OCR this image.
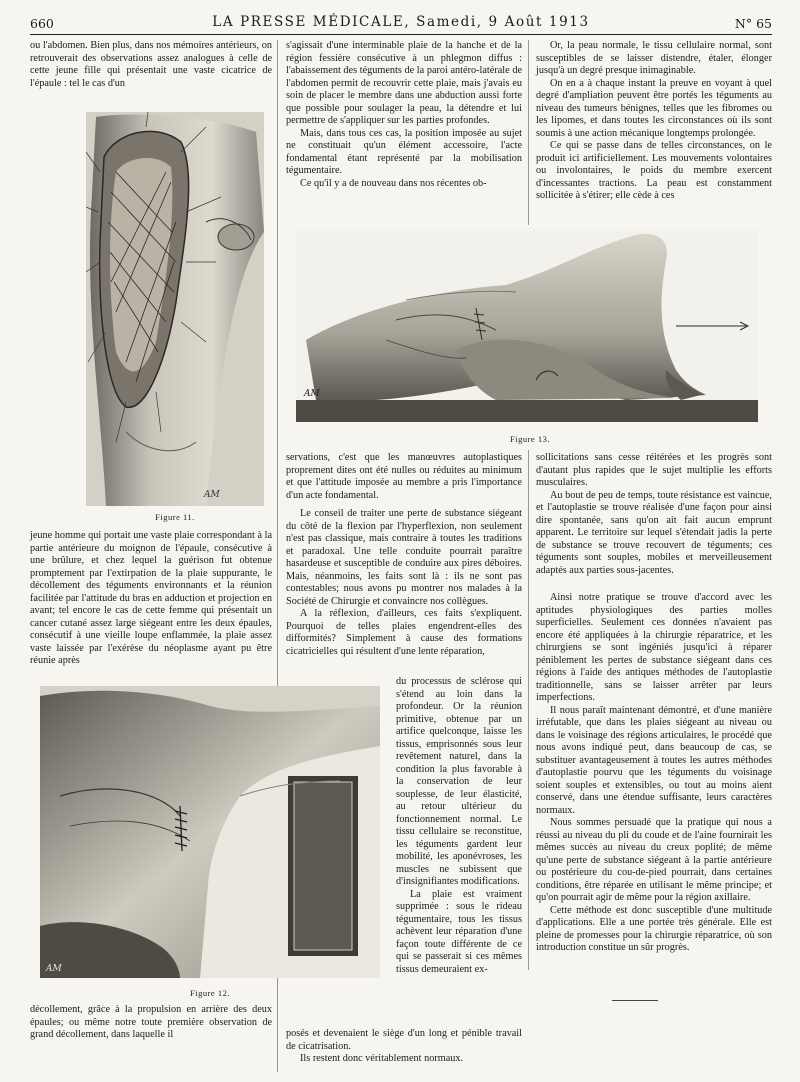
660	LA PRESSE MÉDICALE, Samedi, 9 Août 1913	N° 65

ou l'abdomen. Bien plus, dans nos mémoires antérieurs, on retrouverait des observations assez analogues à celle de cette jeune fille qui présentait une vaste cicatrice de l'épaule : tel le cas d'un

AM
Figure 11.

jeune homme qui portait une vaste plaie correspondant à la partie antérieure du moignon de l'épaule, consécutive à une brûlure, et chez lequel la guérison fut obtenue promptement par l'extirpation de la plaie suppurante, le décollement des téguments environnants et la réunion facilitée par l'attitude du bras en adduction et projection en avant; tel encore le cas de cette femme qui présentait un cancer cutané assez large siégeant entre les deux épaules, consécutif à une vieille loupe enflammée, la plaie assez vaste laissée par l'exérèse du néoplasme ayant pu être réunie après

AM
Figure 12.

décollement, grâce à la propulsion en arrière des deux épaules; ou même notre toute première observation de grand décollement, dans laquelle il

s'agissait d'une interminable plaie de la hanche et de la région fessière consécutive à un phlegmon diffus : l'abaissement des téguments de la paroi antéro-latérale de l'abdomen permit de recouvrir cette plaie, mais j'avais eu soin de placer le membre dans une abduction aussi forte que possible pour soulager la peau, la détendre et lui permettre de s'appliquer sur les parties profondes.

Mais, dans tous ces cas, la position imposée au sujet ne constituait qu'un élément accessoire, l'acte fondamental étant représenté par la mobilisation tégumentaire.

Ce qu'il y a de nouveau dans nos récentes ob-

AM
Figure 13.

servations, c'est que les manœuvres autoplastiques proprement dites ont été nulles ou réduites au minimum et que l'attitude imposée au membre a pris l'importance d'un acte fondamental.

Le conseil de traiter une perte de substance siégeant du côté de la flexion par l'hyperflexion, non seulement n'est pas classique, mais contraire à toutes les traditions et paradoxal. Une telle conduite pourrait paraître hasardeuse et susceptible de conduire aux pires déboires. Mais, néanmoins, les faits sont là : ils ne sont pas contestables; nous avons pu montrer nos malades à la Société de Chirurgie et convaincre nos collègues.

A la réflexion, d'ailleurs, ces faits s'expliquent. Pourquoi de telles plaies engendrent-elles des difformités? Simplement à cause des formations cicatricielles qui résultent d'une lente réparation,

du processus de sclérose qui s'étend au loin dans la profondeur. Or la réunion primitive, obtenue par un artifice quelconque, laisse les tissus, emprisonnés sous leur revêtement naturel, dans la condition la plus favorable à la conservation de leur souplesse, de leur élasticité, au retour ultérieur du fonctionnement normal. Le tissu cellulaire se reconstitue, les téguments gardent leur mobilité, les aponévroses, les muscles ne subissent que d'insignifiantes modifications.

La plaie est vraiment supprimée : sous le rideau tégumentaire, tous les tissus achèvent leur réparation d'une façon toute différente de ce qui se passerait si ces mêmes tissus demeuraient ex-

posés et devenaient le siège d'un long et pénible travail de cicatrisation.

Ils restent donc véritablement normaux.

Or, la peau normale, le tissu cellulaire normal, sont susceptibles de se laisser distendre, étaler, élonger jusqu'à un degré presque inimaginable.

On en a à chaque instant la preuve en voyant à quel degré d'ampliation peuvent être portés les téguments au niveau des tumeurs bénignes, telles que les fibromes ou les lipomes, et dans toutes les circonstances où ils sont soumis à une action mécanique longtemps prolongée.

Ce qui se passe dans de telles circonstances, on le produit ici artificiellement. Les mouvements volontaires ou involontaires, le poids du membre exercent d'incessantes tractions. La peau est constamment sollicitée à s'étirer; elle cède à ces

sollicitations sans cesse réitérées et les progrès sont d'autant plus rapides que le sujet multiplie les efforts musculaires.

Au bout de peu de temps, toute résistance est vaincue, et l'autoplastie se trouve réalisée d'une façon pour ainsi dire spontanée, sans qu'on ait fait aucun emprunt apparent. Le territoire sur lequel s'étendait jadis la perte de substance se trouve recouvert de téguments; ces téguments sont souples, mobiles et merveilleusement adaptés aux parties sous-jacentes.

Ainsi notre pratique se trouve d'accord avec les aptitudes physiologiques des parties molles superficielles. Seulement ces données n'avaient pas encore été appliquées à la chirurgie réparatrice, et les chirurgiens se sont ingéniés jusqu'ici à réparer péniblement les pertes de substance siégeant dans ces régions à l'aide des antiques méthodes de l'autoplastie traditionnelle, sans se laisser arrêter par leurs imperfections.

Il nous paraît maintenant démontré, et d'une manière irréfutable, que dans les plaies siégeant au niveau ou dans le voisinage des régions articulaires, le procédé que nous avons indiqué peut, dans beaucoup de cas, se substituer avantageusement à toutes les autres méthodes d'autoplastie pourvu que les téguments du voisinage soient souples et extensibles, ou tout au moins aient conservé, dans une étendue suffisante, leurs caractères normaux.

Nous sommes persuadé que la pratique qui nous a réussi au niveau du pli du coude et de l'aine fournirait les mêmes succès au niveau du creux poplité; de même qu'une perte de substance siégeant à la partie antérieure ou postérieure du cou-de-pied pourrait, dans certaines conditions, être réparée en utilisant le même principe; et qu'on pourrait agir de même pour la région axillaire.

Cette méthode est donc susceptible d'une multitude d'applications. Elle a une portée très générale. Elle est pleine de promesses pour la chirurgie réparatrice, où son introduction constitue un sûr progrès.
